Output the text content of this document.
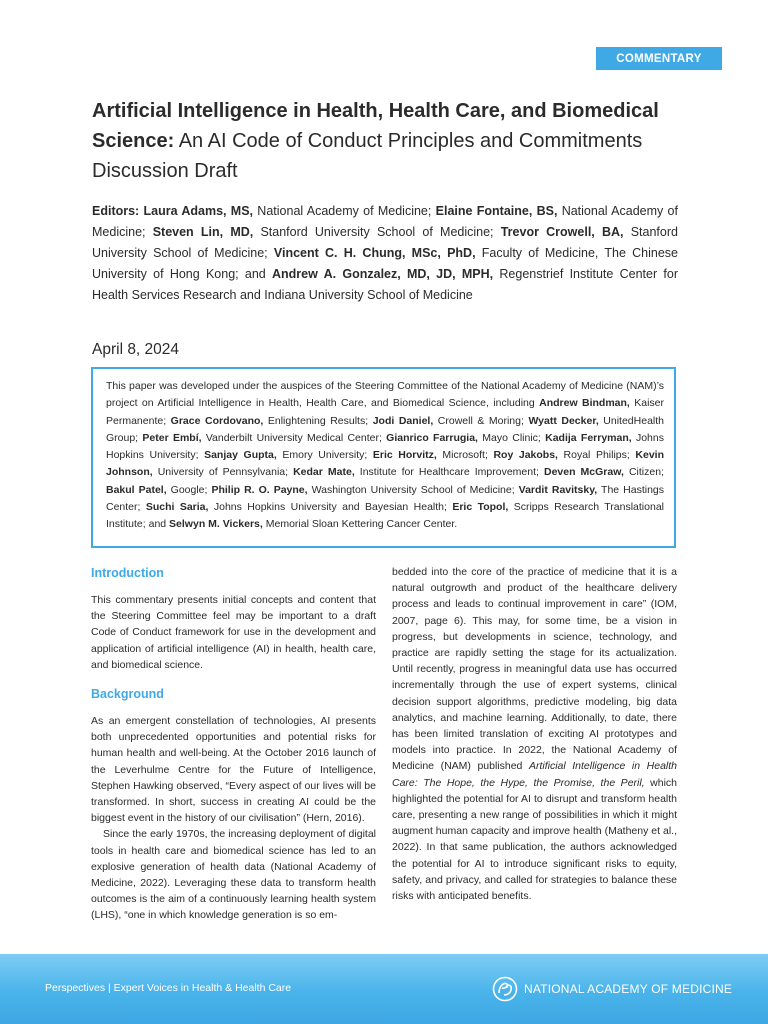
COMMENTARY
Artificial Intelligence in Health, Health Care, and Biomedical Science: An AI Code of Conduct Principles and Commitments Discussion Draft
Editors: Laura Adams, MS, National Academy of Medicine; Elaine Fontaine, BS, National Academy of Medicine; Steven Lin, MD, Stanford University School of Medicine; Trevor Crowell, BA, Stanford University School of Medicine; Vincent C. H. Chung, MSc, PhD, Faculty of Medicine, The Chinese University of Hong Kong; and Andrew A. Gonzalez, MD, JD, MPH, Regenstrief Institute Center for Health Services Research and Indiana University School of Medicine
April 8, 2024
This paper was developed under the auspices of the Steering Committee of the National Academy of Medicine (NAM)’s project on Artificial Intelligence in Health, Health Care, and Biomedical Science, including Andrew Bindman, Kaiser Permanente; Grace Cordovano, Enlightening Results; Jodi Daniel, Crowell & Moring; Wyatt Decker, UnitedHealth Group; Peter Embí, Vanderbilt University Medical Center; Gianrico Farrugia, Mayo Clinic; Kadija Ferryman, Johns Hopkins University; Sanjay Gupta, Emory University; Eric Horvitz, Microsoft; Roy Jakobs, Royal Philips; Kevin Johnson, University of Pennsylvania; Kedar Mate, Institute for Healthcare Improvement; Deven McGraw, Citizen; Bakul Patel, Google; Philip R. O. Payne, Washington University School of Medicine; Vardit Ravitsky, The Hastings Center; Suchi Saria, Johns Hopkins University and Bayesian Health; Eric Topol, Scripps Research Translational Institute; and Selwyn M. Vickers, Memorial Sloan Kettering Cancer Center.
Introduction

This commentary presents initial concepts and content that the Steering Committee feel may be important to a draft Code of Conduct framework for use in the development and application of artificial intelligence (AI) in health, health care, and biomedical science.

Background

As an emergent constellation of technologies, AI presents both unprecedented opportunities and potential risks for human health and well-being. At the October 2016 launch of the Leverhulme Centre for the Future of Intelligence, Stephen Hawking observed, “Every aspect of our lives will be transformed. In short, success in creating AI could be the biggest event in the history of our civilisation” (Hern, 2016).

Since the early 1970s, the increasing deployment of digital tools in health care and biomedical science has led to an explosive generation of health data (National Academy of Medicine, 2022). Leveraging these data to transform health outcomes is the aim of a continuously learning health system (LHS), “one in which knowledge generation is so em-

bedded into the core of the practice of medicine that it is a natural outgrowth and product of the healthcare delivery process and leads to continual improvement in care” (IOM, 2007, page 6). This may, for some time, be a vision in progress, but developments in science, technology, and practice are rapidly setting the stage for its actualization. Until recently, progress in meaningful data use has occurred incrementally through the use of expert systems, clinical decision support algorithms, predictive modeling, big data analytics, and machine learning. Additionally, to date, there has been limited translation of exciting AI prototypes and models into practice. In 2022, the National Academy of Medicine (NAM) published Artificial Intelligence in Health Care: The Hope, the Hype, the Promise, the Peril, which highlighted the potential for AI to disrupt and transform health care, presenting a new range of possibilities in which it might augment human capacity and improve health (Matheny et al., 2022). In that same publication, the authors acknowledged the potential for AI to introduce significant risks to equity, safety, and privacy, and called for strategies to balance these risks with anticipated benefits.

Perspectives | Expert Voices in Health & Health Care	NATIONAL ACADEMY OF MEDICINE
